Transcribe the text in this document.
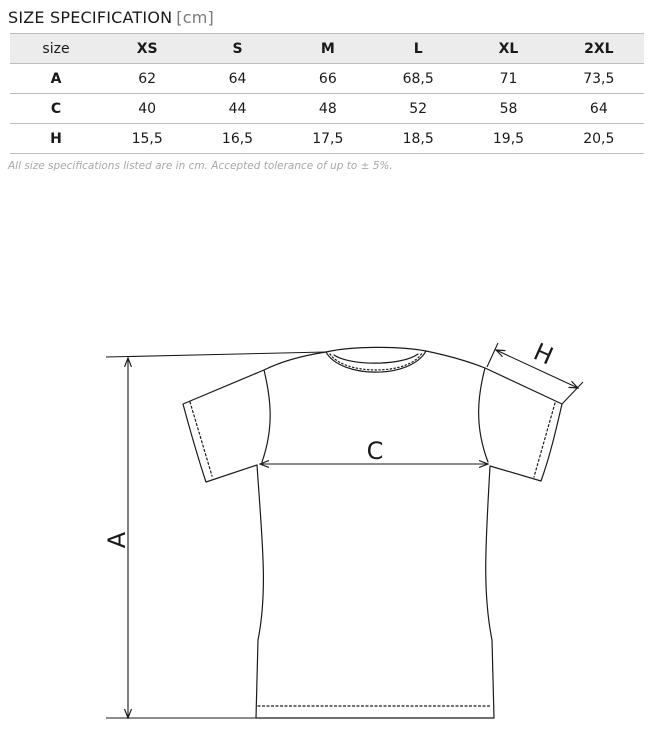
SIZE SPECIFICATION [cm]
size	XS	S	M	L	XL	2XL
A	62	64	66	68,5	71	73,5
C	40	44	48	52	58	64
H	15,5	16,5	17,5	18,5	19,5	20,5
All size specifications listed are in cm. Accepted tolerance of up to ± 5%.
A
C
H
